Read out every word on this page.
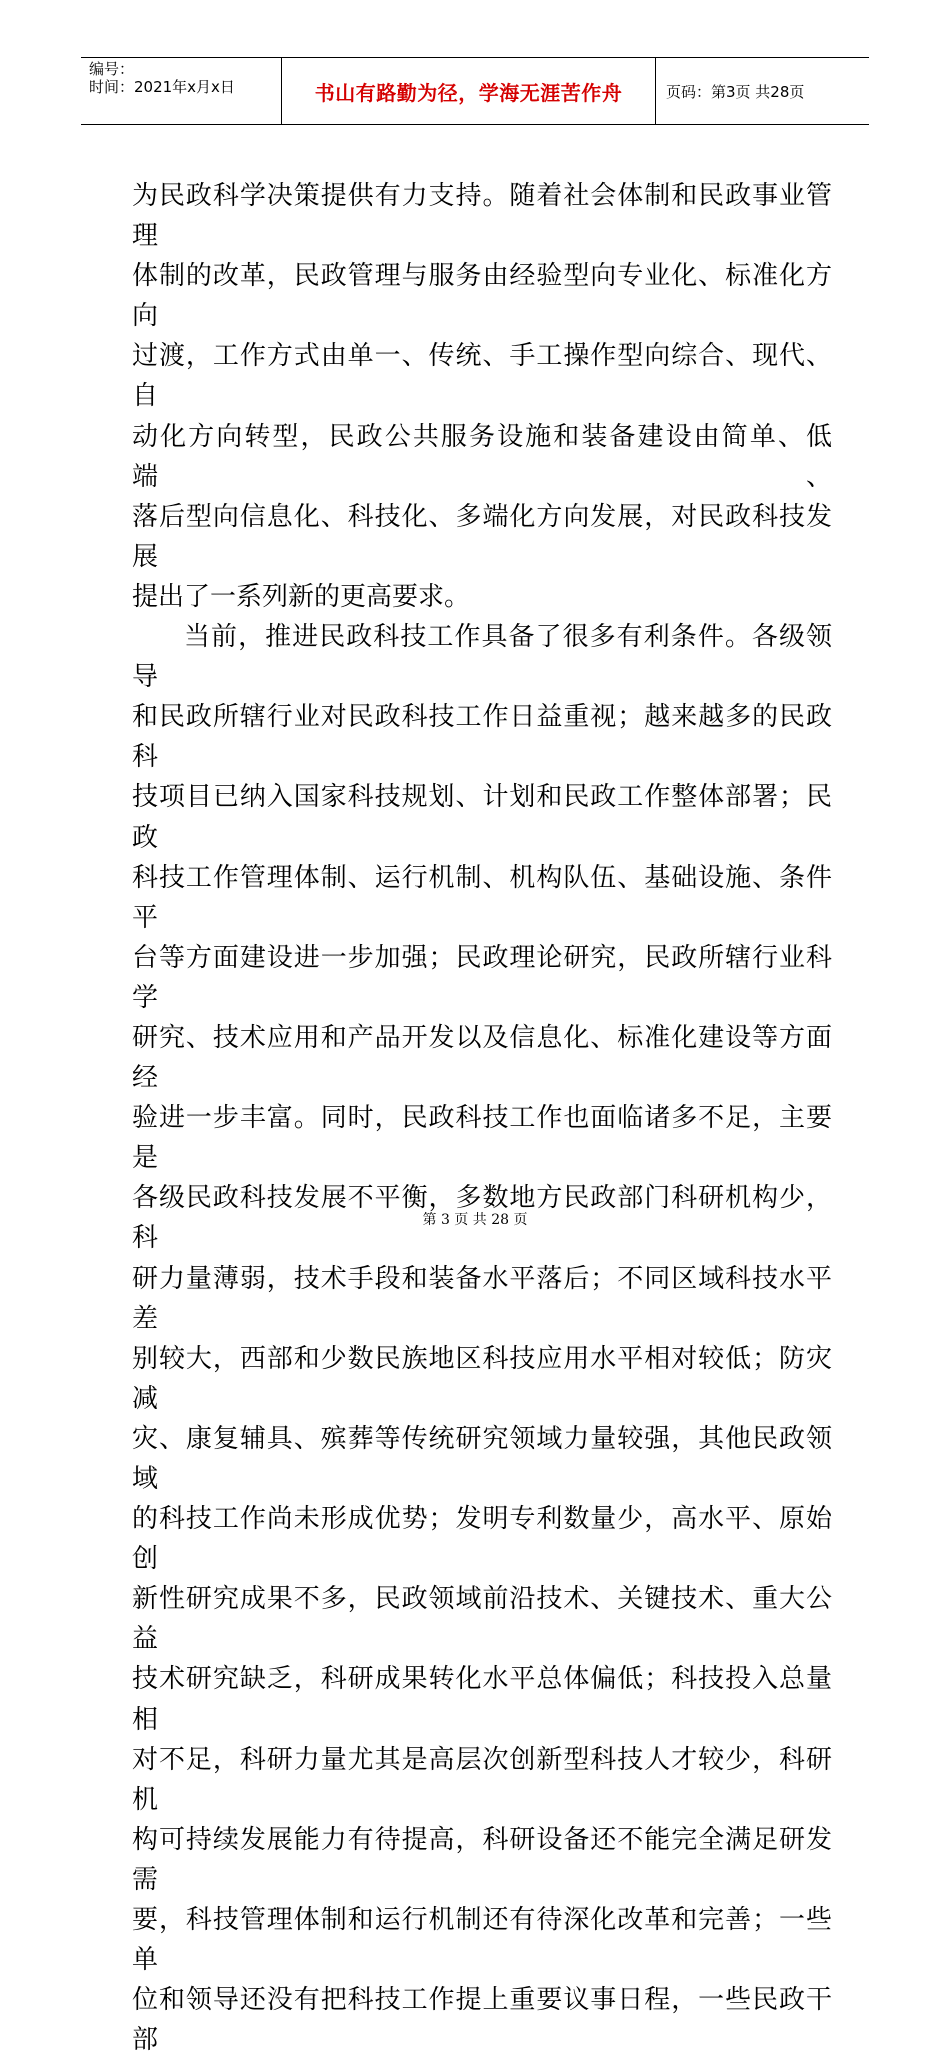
编号：
时间：2021年x月x日	书山有路勤为径，学海无涯苦作舟	页码：第3页 共28页

为民政科学决策提供有力支持。随着社会体制和民政事业管理

体制的改革，民政管理与服务由经验型向专业化、标准化方向

过渡，工作方式由单一、传统、手工操作型向综合、现代、自

动化方向转型，民政公共服务设施和装备建设由简单、低端、

落后型向信息化、科技化、多端化方向发展，对民政科技发展

提出了一系列新的更高要求。

当前，推进民政科技工作具备了很多有利条件。各级领导

和民政所辖行业对民政科技工作日益重视；越来越多的民政科

技项目已纳入国家科技规划、计划和民政工作整体部署；民政

科技工作管理体制、运行机制、机构队伍、基础设施、条件平

台等方面建设进一步加强；民政理论研究，民政所辖行业科学

研究、技术应用和产品开发以及信息化、标准化建设等方面经

验进一步丰富。同时，民政科技工作也面临诸多不足，主要是

各级民政科技发展不平衡，多数地方民政部门科研机构少，科

研力量薄弱，技术手段和装备水平落后；不同区域科技水平差

别较大，西部和少数民族地区科技应用水平相对较低；防灾减

灾、康复辅具、殡葬等传统研究领域力量较强，其他民政领域

的科技工作尚未形成优势；发明专利数量少，高水平、原始创

新性研究成果不多，民政领域前沿技术、关键技术、重大公益

技术研究缺乏，科研成果转化水平总体偏低；科技投入总量相

对不足，科研力量尤其是高层次创新型科技人才较少，科研机

构可持续发展能力有待提高，科研设备还不能完全满足研发需

要，科技管理体制和运行机制还有待深化改革和完善；一些单

位和领导还没有把科技工作提上重要议事日程，一些民政干部

第 3 页 共 28 页
